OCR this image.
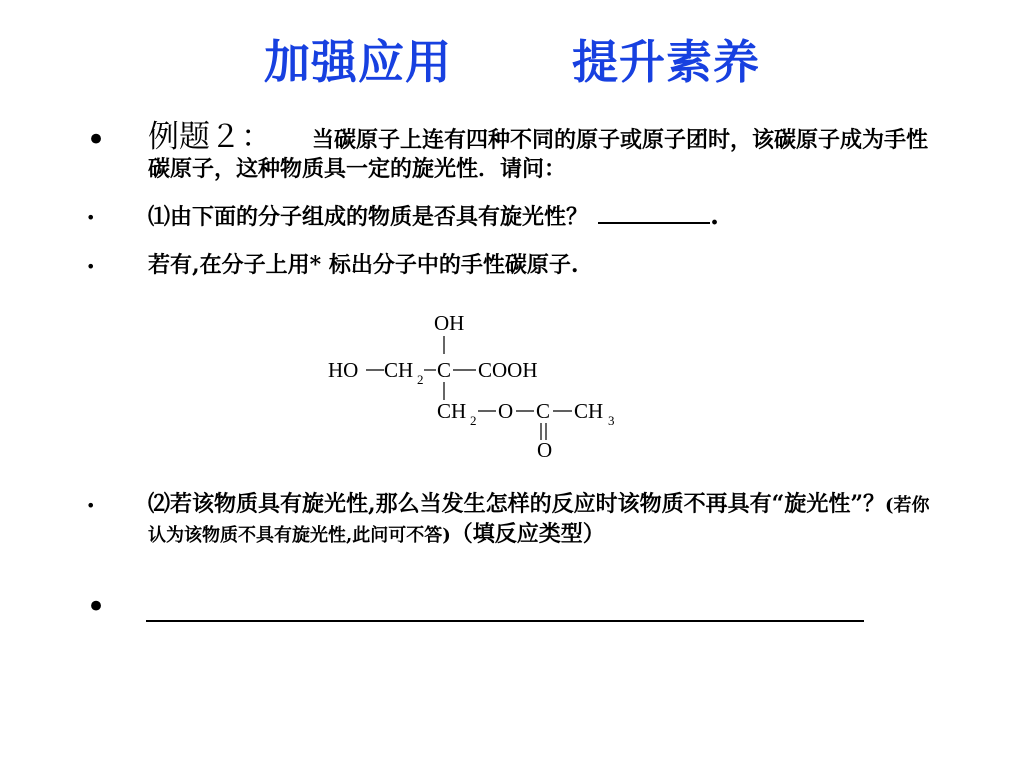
加强应用	提升素养
• 例题２： 当碳原子上连有四种不同的原子或原子团时，该碳原子成为手性碳原子，这种物质具一定的旋光性．请问：
• ⑴由下面的分子组成的物质是否具有旋光性？	.
• 若有,在分子上用* 标出分子中的手性碳原子.
OH
HO CH 2 C COOH
CH 2 O C CH 3
O
• ⑵若该物质具有旋光性,那么当发生怎样的反应时该物质不再具有“旋光性”？(若你认为该物质不具有旋光性,此问可不答)（填反应类型）
•
